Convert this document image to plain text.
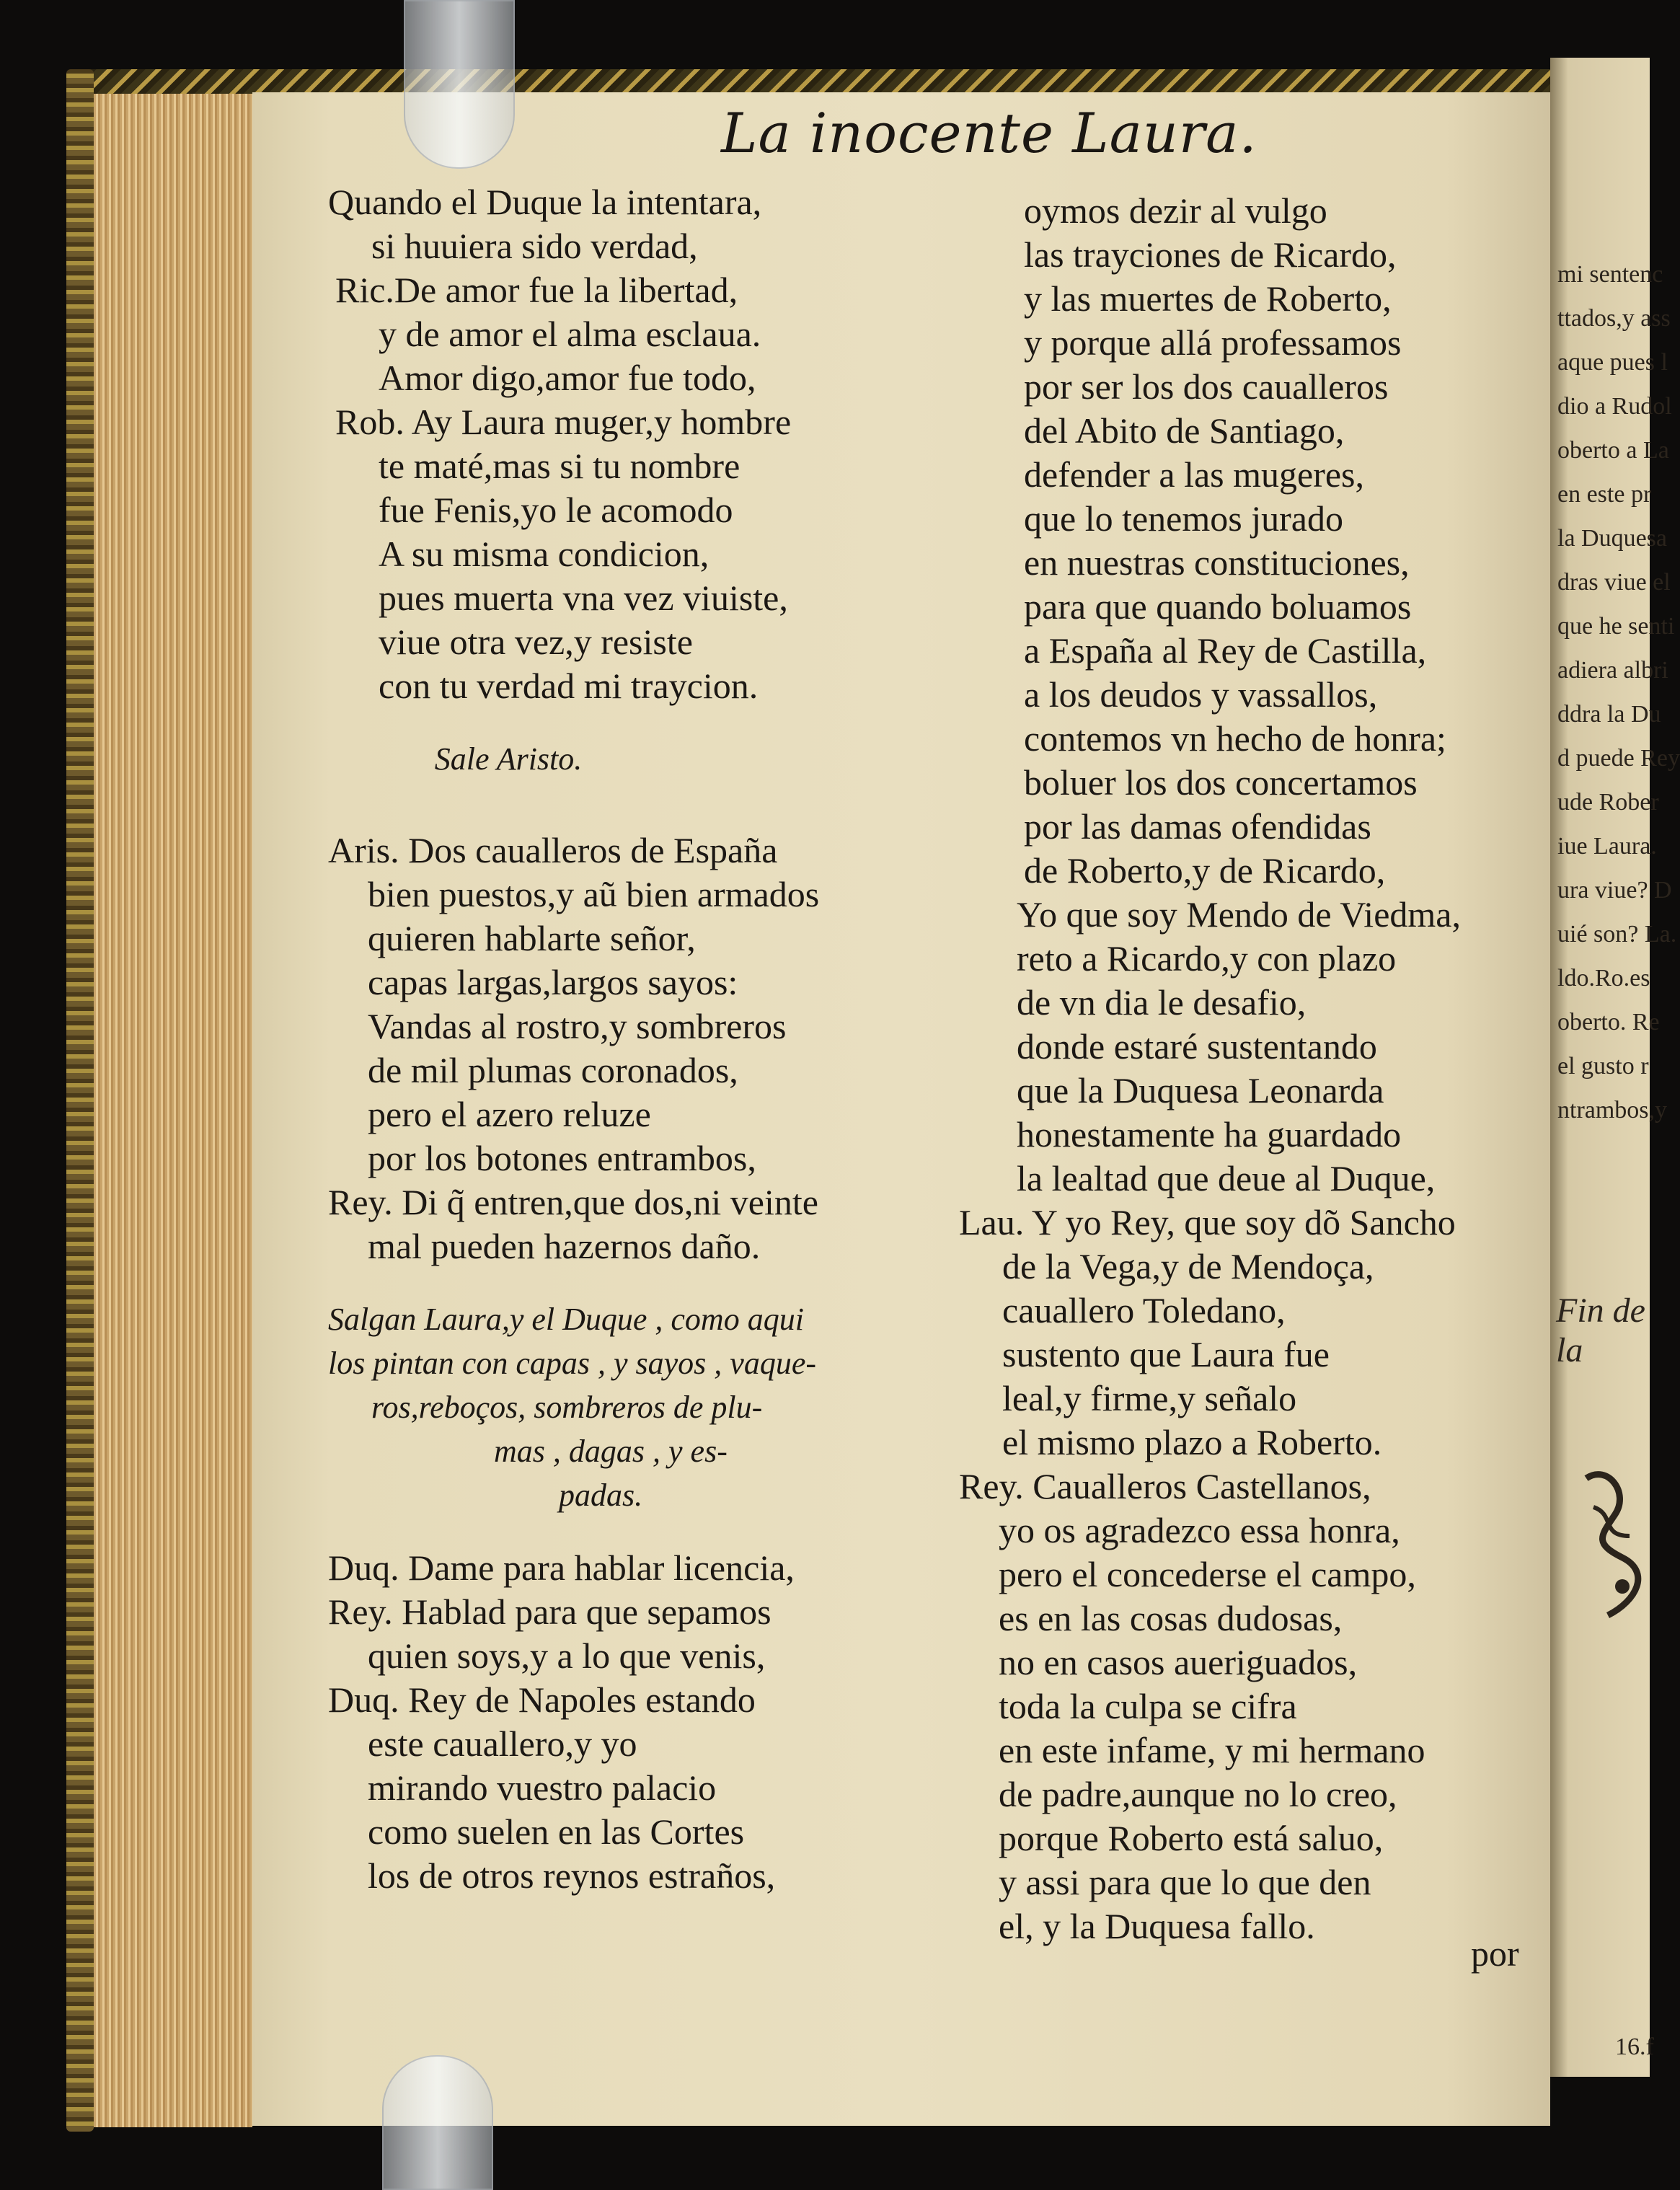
La inocente Laura.
Quando el Duque la intentara,
si huuiera sido verdad,
Ric.De amor fue la libertad,
y de amor el alma esclaua.
Amor digo,amor fue todo,
Rob. Ay Laura muger,y hombre
te maté,mas si tu nombre
fue Fenis,yo le acomodo
A su misma condicion,
pues muerta vna vez viuiste,
viue otra vez,y resiste
con tu verdad mi traycion.
Sale Aristo.
Aris. Dos caualleros de España
bien puestos,y aũ bien armados
quieren hablarte señor,
capas largas,largos sayos:
Vandas al rostro,y sombreros
de mil plumas coronados,
pero el azero reluze
por los botones entrambos,
Rey. Di q̃ entren,que dos,ni veinte
mal pueden hazernos daño.
Salgan Laura,y el Duque , como aqui
los pintan con capas , y sayos , vaque-
ros,reboços, sombreros de plu-
mas , dagas , y es-
padas.
Duq. Dame para hablar licencia,
Rey. Hablad para que sepamos
quien soys,y a lo que venis,
Duq. Rey de Napoles estando
este cauallero,y yo
mirando vuestro palacio
como suelen en las Cortes
los de otros reynos estraños,
oymos dezir al vulgo
las trayciones de Ricardo,
y las muertes de Roberto,
y porque allá professamos
por ser los dos caualleros
del Abito de Santiago,
defender a las mugeres,
que lo tenemos jurado
en nuestras constituciones,
para que quando boluamos
a España al Rey de Castilla,
a los deudos y vassallos,
contemos vn hecho de honra;
boluer los dos concertamos
por las damas ofendidas
de Roberto,y de Ricardo,
Yo que soy Mendo de Viedma,
reto a Ricardo,y con plazo
de vn dia le desafio,
donde estaré sustentando
que la Duquesa Leonarda
honestamente ha guardado
la lealtad que deue al Duque,
Lau. Y yo Rey, que soy dõ Sancho
de la Vega,y de Mendoça,
cauallero Toledano,
sustento que Laura fue
leal,y firme,y señalo
el mismo plazo a Roberto.
Rey. Caualleros Castellanos,
yo os agradezco essa honra,
pero el concederse el campo,
es en las cosas dudosas,
no en casos aueriguados,
toda la culpa se cifra
en este infame, y mi hermano
de padre,aunque no lo creo,
porque Roberto está saluo,
y assi para que lo que den
el, y la Duquesa fallo.
por
mi sentenc
ttados,y ass
aque pues l
dio a Rudol
oberto a La
en este pr
la Duquesa
dras viue el
que he senti
adiera albri
ddra la Du
d puede Rey
ude Rober
iue Laura.
ura viue? D
uié son? La.
ldo.Ro.es
oberto. Re
el gusto r
ntrambos,y
Fin de la
16.f
